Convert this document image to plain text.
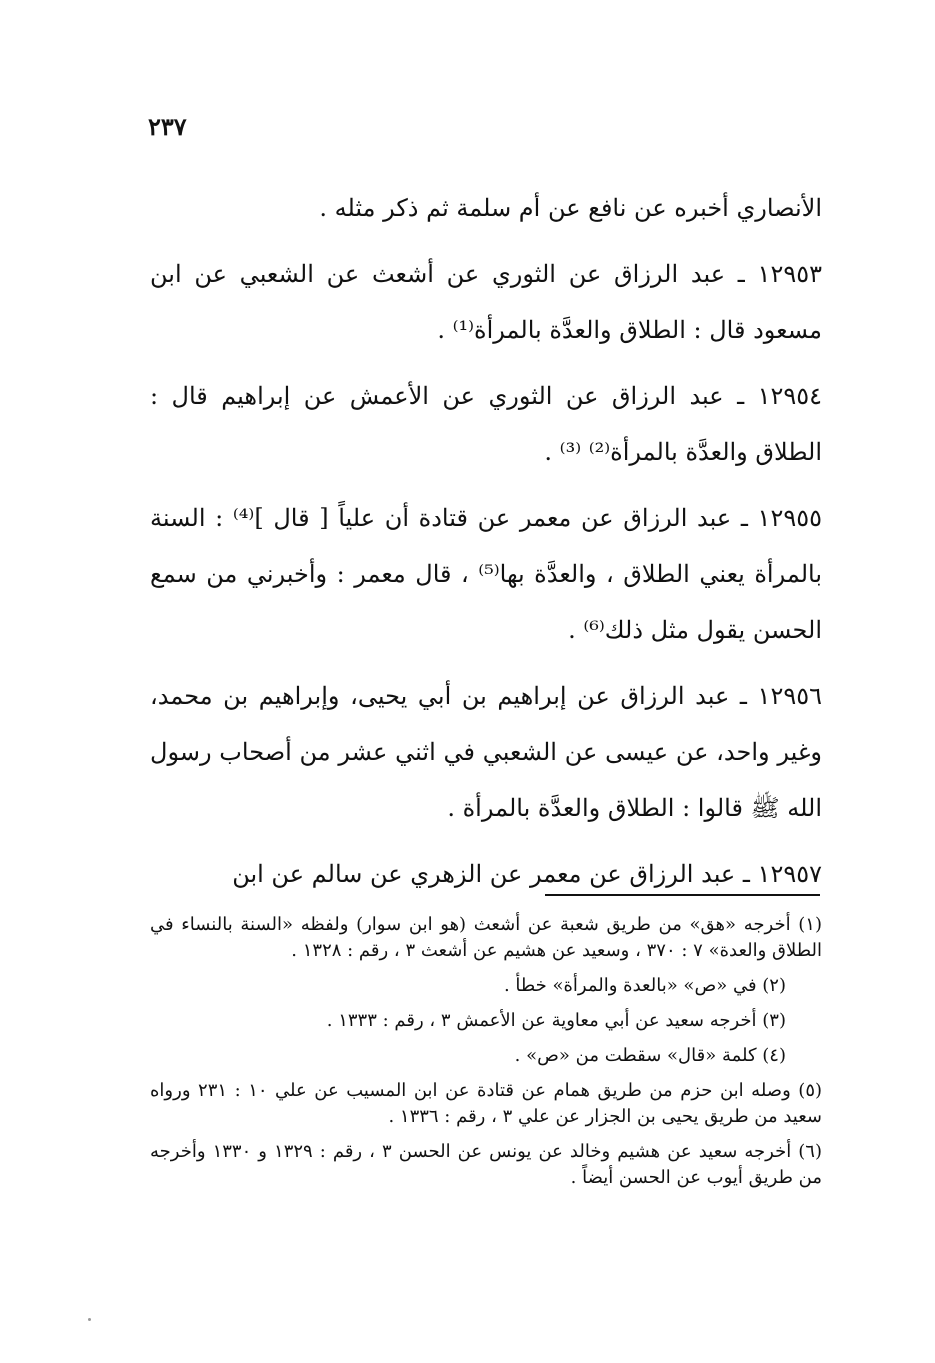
٢٣٧

الأنصاري أخبره عن نافع عن أم سلمة ثم ذكر مثله .

١٢٩٥٣ ـ عبد الرزاق عن الثوري عن أشعث عن الشعبي عن ابن مسعود قال : الطلاق والعدَّة بالمرأة⁽¹⁾ .

١٢٩٥٤ ـ عبد الرزاق عن الثوري عن الأعمش عن إبراهيم قال : الطلاق والعدَّة بالمرأة⁽²⁾ ⁽³⁾ .

١٢٩٥٥ ـ عبد الرزاق عن معمر عن قتادة أن علياً [ قال ]⁽⁴⁾ : السنة بالمرأة يعني الطلاق ، والعدَّة بها⁽⁵⁾ ، قال معمر : وأخبرني من سمع الحسن يقول مثل ذلك⁽⁶⁾ .

١٢٩٥٦ ـ عبد الرزاق عن إبراهيم بن أبي يحيى، وإبراهيم بن محمد، وغير واحد، عن عيسى عن الشعبي في اثني عشر من أصحاب رسول الله ﷺ قالوا : الطلاق والعدَّة بالمرأة .

١٢٩٥٧ ـ عبد الرزاق عن معمر عن الزهري عن سالم عن ابن

(١) أخرجه «هق» من طريق شعبة عن أشعث (هو ابن سوار) ولفظه «السنة بالنساء في الطلاق والعدة» ٧ : ٣٧٠ ، وسعيد عن هشيم عن أشعث ٣ ، رقم : ١٣٢٨ .

(٢) في «ص» «بالعدة والمرأة» خطأ .

(٣) أخرجه سعيد عن أبي معاوية عن الأعمش ٣ ، رقم : ١٣٣٣ .

(٤) كلمة «قال» سقطت من «ص» .

(٥) وصله ابن حزم من طريق همام عن قتادة عن ابن المسيب عن علي ١٠ : ٢٣١ ورواه سعيد من طريق يحيى بن الجزار عن علي ٣ ، رقم : ١٣٣٦ .

(٦) أخرجه سعيد عن هشيم وخالد عن يونس عن الحسن ٣ ، رقم : ١٣٢٩ و ١٣٣٠ وأخرجه من طريق أيوب عن الحسن أيضاً .
